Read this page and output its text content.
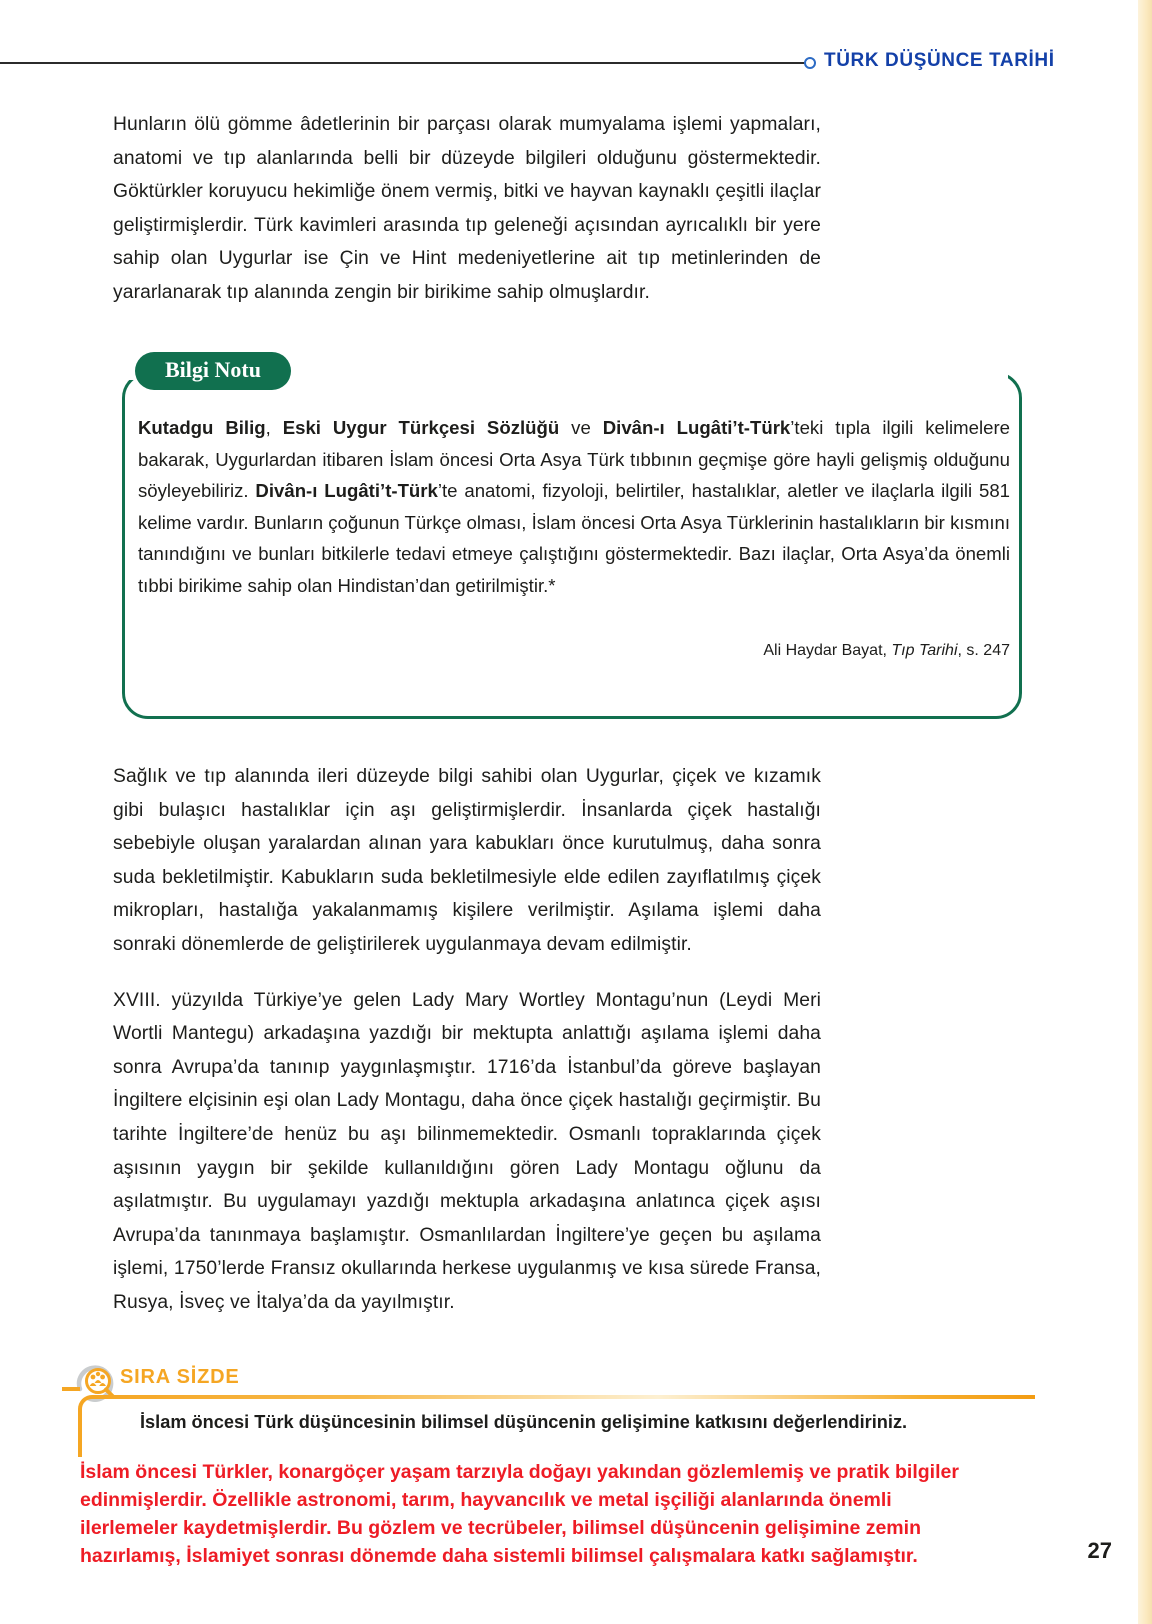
TÜRK DÜŞÜNCE TARİHİ

Hunların ölü gömme âdetlerinin bir parçası olarak mumyalama işlemi yapmaları, anatomi ve tıp alanlarında belli bir düzeyde bilgileri olduğunu göstermektedir. Göktürkler koruyucu hekimliğe önem vermiş, bitki ve hayvan kaynaklı çeşitli ilaçlar geliştirmişlerdir. Türk kavimleri arasında tıp geleneği açısından ayrıcalıklı bir yere sahip olan Uygurlar ise Çin ve Hint medeniyetlerine ait tıp metinlerinden de yararlanarak tıp alanında zengin bir birikime sahip olmuşlardır.

Bilgi Notu

Kutadgu Bilig, Eski Uygur Türkçesi Sözlüğü ve Divân-ı Lugâti’t-Türk’teki tıpla ilgili kelimelere bakarak, Uygurlardan itibaren İslam öncesi Orta Asya Türk tıbbının geçmişe göre hayli gelişmiş olduğunu söyleyebiliriz. Divân-ı Lugâti’t-Türk’te anatomi, fizyoloji, belirtiler, hastalıklar, aletler ve ilaçlarla ilgili 581 kelime vardır. Bunların çoğunun Türkçe olması, İslam öncesi Orta Asya Türklerinin hastalıkların bir kısmını tanındığını ve bunları bitkilerle tedavi etmeye çalıştığını göstermektedir. Bazı ilaçlar, Orta Asya’da önemli tıbbi birikime sahip olan Hindistan’dan getirilmiştir.*

Ali Haydar Bayat, Tıp Tarihi, s. 247

Sağlık ve tıp alanında ileri düzeyde bilgi sahibi olan Uygurlar, çiçek ve kızamık gibi bulaşıcı hastalıklar için aşı geliştirmişlerdir. İnsanlarda çiçek hastalığı sebebiyle oluşan yaralardan alınan yara kabukları önce kurutulmuş, daha sonra suda bekletilmiştir. Kabukların suda bekletilmesiyle elde edilen zayıflatılmış çiçek mikropları, hastalığa yakalanmamış kişilere verilmiştir. Aşılama işlemi daha sonraki dönemlerde de geliştirilerek uygulanmaya devam edilmiştir.

XVIII. yüzyılda Türkiye’ye gelen Lady Mary Wortley Montagu’nun (Leydi Meri Wortli Mantegu) arkadaşına yazdığı bir mektupta anlattığı aşılama işlemi daha sonra Avrupa’da tanınıp yaygınlaşmıştır. 1716’da İstanbul’da göreve başlayan İngiltere elçisinin eşi olan Lady Montagu, daha önce çiçek hastalığı geçirmiştir. Bu tarihte İngiltere’de henüz bu aşı bilinmemektedir. Osmanlı topraklarında çiçek aşısının yaygın bir şekilde kullanıldığını gören Lady Montagu oğlunu da aşılatmıştır. Bu uygulamayı yazdığı mektupla arkadaşına anlatınca çiçek aşısı Avrupa’da tanınmaya başlamıştır. Osmanlılardan İngiltere’ye geçen bu aşılama işlemi, 1750’lerde Fransız okullarında herkese uygulanmış ve kısa sürede Fransa, Rusya, İsveç ve İtalya’da da yayılmıştır.

SIRA SİZDE
İslam öncesi Türk düşüncesinin bilimsel düşüncenin gelişimine katkısını değerlendiriniz.
İslam öncesi Türkler, konargöçer yaşam tarzıyla doğayı yakından gözlemlemiş ve pratik bilgiler edinmişlerdir. Özellikle astronomi, tarım, hayvancılık ve metal işçiliği alanlarında önemli ilerlemeler kaydetmişlerdir. Bu gözlem ve tecrübeler, bilimsel düşüncenin gelişimine zemin hazırlamış, İslamiyet sonrası dönemde daha sistemli bilimsel çalışmalara katkı sağlamıştır.	27
